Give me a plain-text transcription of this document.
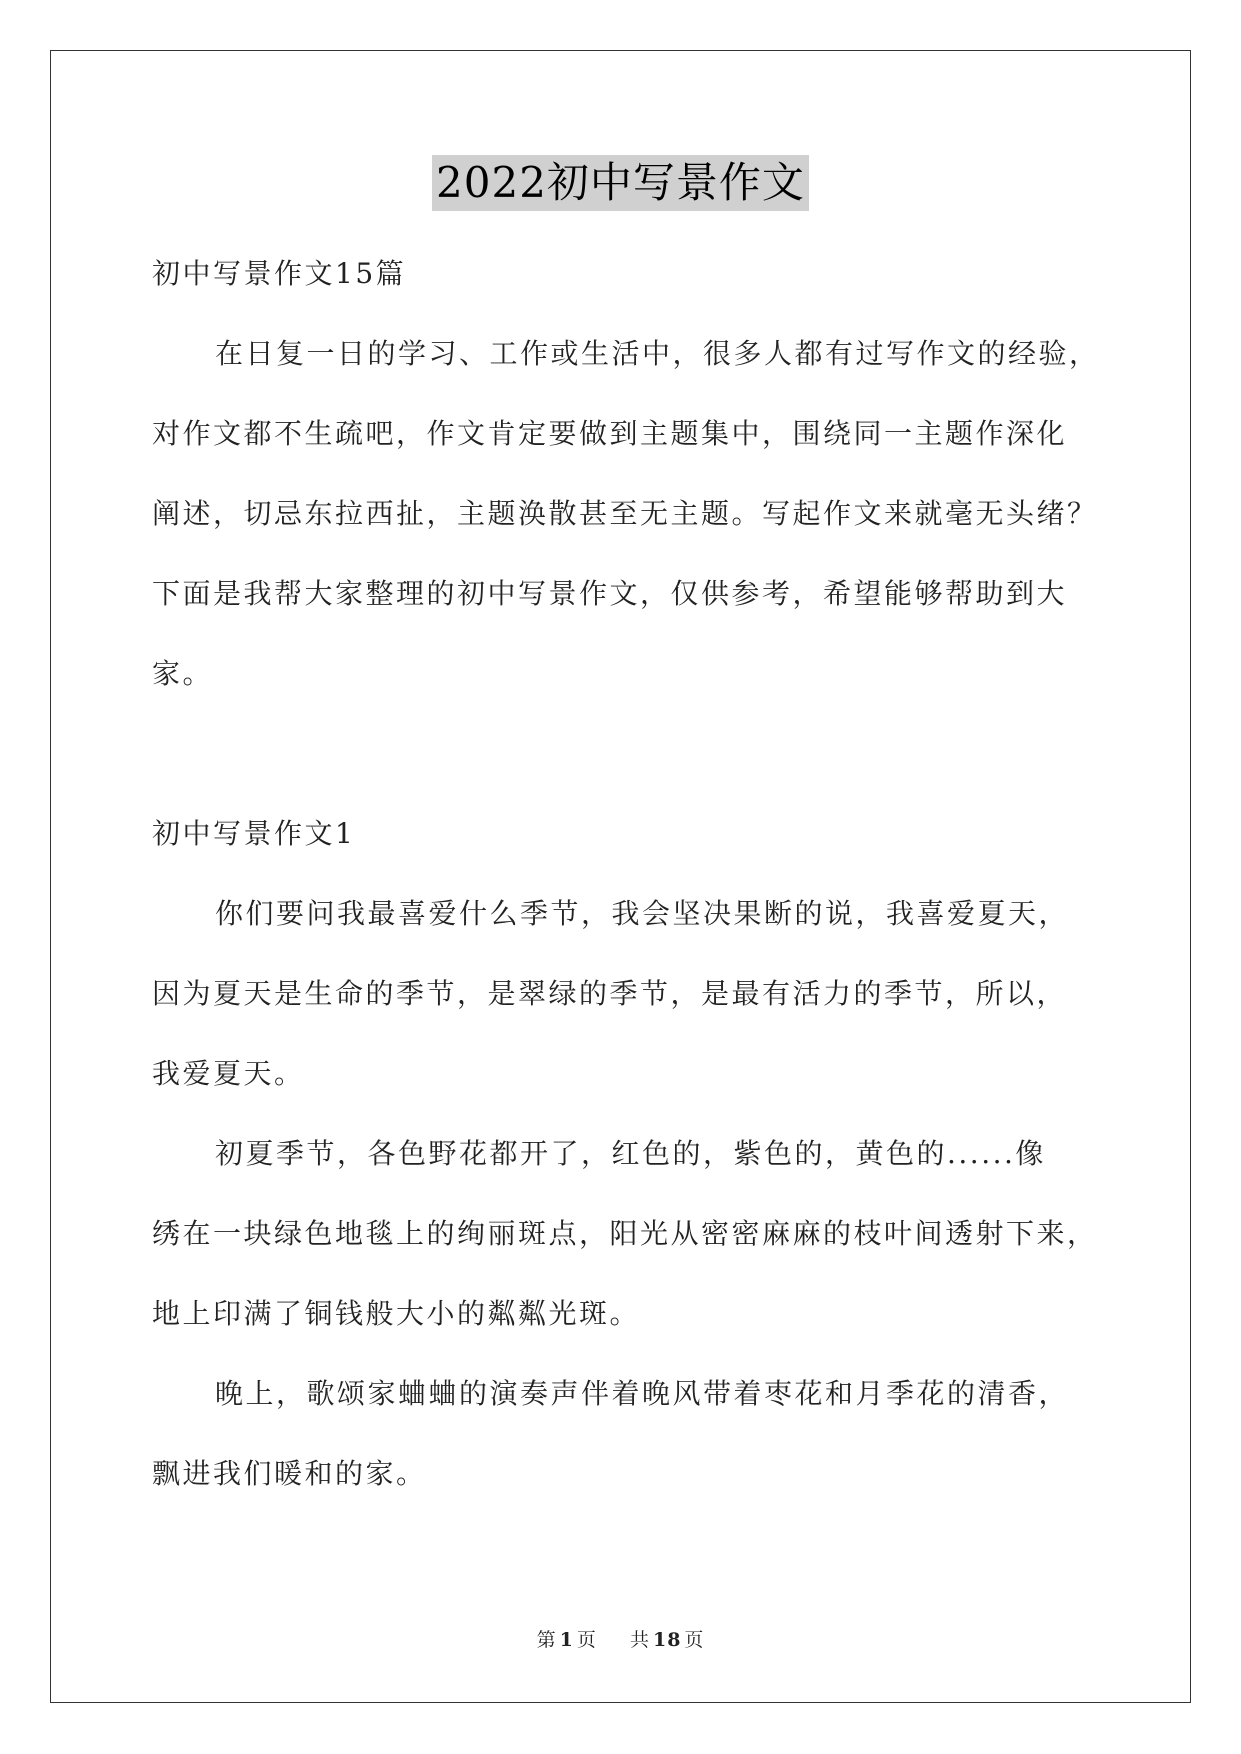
2022初中写景作文
初中写景作文15篇
在日复一日的学习、工作或生活中，很多人都有过写作文的经验，
对作文都不生疏吧，作文肯定要做到主题集中，围绕同一主题作深化
阐述，切忌东拉西扯，主题涣散甚至无主题。写起作文来就毫无头绪？
下面是我帮大家整理的初中写景作文，仅供参考，希望能够帮助到大
家。
初中写景作文1
你们要问我最喜爱什么季节，我会坚决果断的说，我喜爱夏天，
因为夏天是生命的季节，是翠绿的季节，是最有活力的季节，所以，
我爱夏天。
初夏季节，各色野花都开了，红色的，紫色的，黄色的......像
绣在一块绿色地毯上的绚丽斑点，阳光从密密麻麻的枝叶间透射下来，
地上印满了铜钱般大小的粼粼光斑。
晚上，歌颂家蛐蛐的演奏声伴着晚风带着枣花和月季花的清香，
飘进我们暖和的家。
第 1 页 共 18 页
